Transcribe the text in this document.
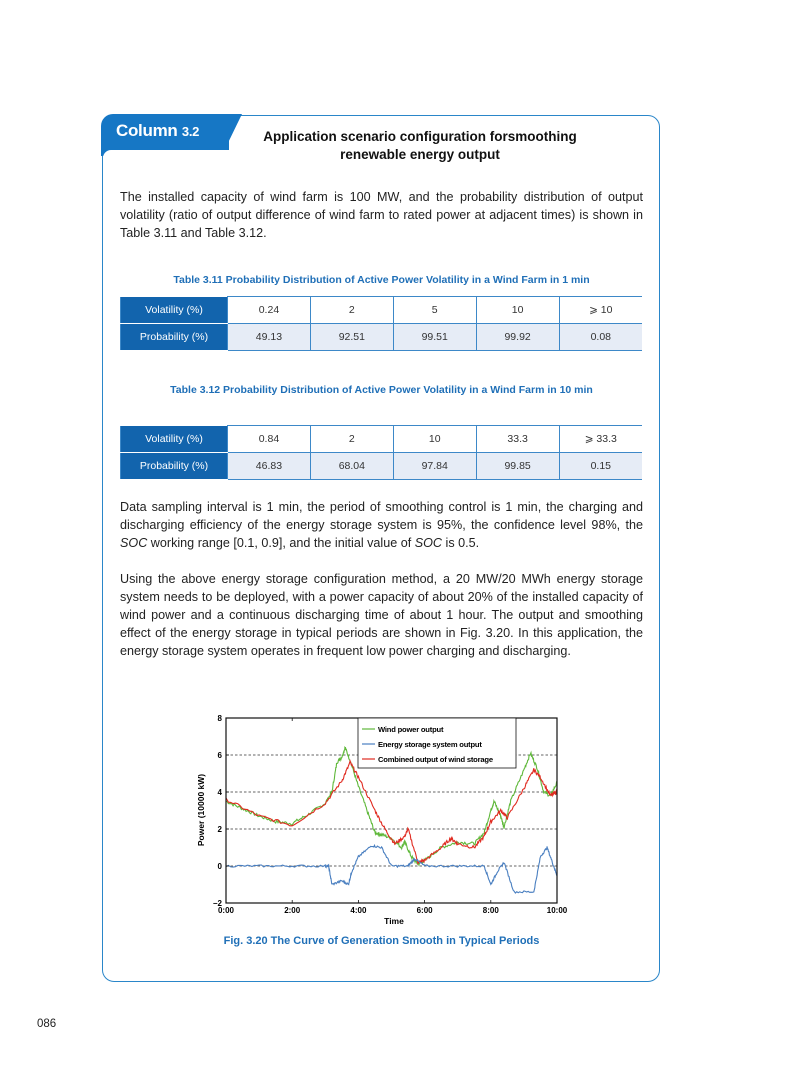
Column 3.2	Application scenario configuration forsmoothing
renewable energy output
The installed capacity of wind farm is 100 MW, and the probability distribution of output volatility (ratio of output difference of wind farm to rated power at adjacent times) is shown in Table 3.11 and Table 3.12.
Table 3.11 Probability Distribution of Active Power Volatility in a Wind Farm in 1 min
Volatility (%)	0.24	2	5	10	⩾ 10
Probability (%)	49.13	92.51	99.51	99.92	0.08
Table 3.12 Probability Distribution of Active Power Volatility in a Wind Farm in 10 min
Volatility (%)	0.84	2	10	33.3	⩾ 33.3
Probability (%)	46.83	68.04	97.84	99.85	0.15
Data sampling interval is 1 min, the period of smoothing control is 1 min, the charging and discharging efficiency of the energy storage system is 95%, the confidence level 98%, the SOC working range [0.1, 0.9], and the initial value of SOC is 0.5.
Using the above energy storage configuration method, a 20 MW/20 MWh energy storage system needs to be deployed, with a power capacity of about 20% of the installed capacity of wind power and a continuous discharging time of about 1 hour. The output and smoothing effect of the energy storage in typical periods are shown in Fig. 3.20. In this application, the energy storage system operates in frequent low power charging and discharging.
−2
0
2
4
6
8
0:00	2:00	4:00	6:00	8:00	10:00
Power (10000 kW)
Time
Wind power output
Energy storage system output
Combined output of wind storage
Fig. 3.20 The Curve of Generation Smooth in Typical Periods
086
